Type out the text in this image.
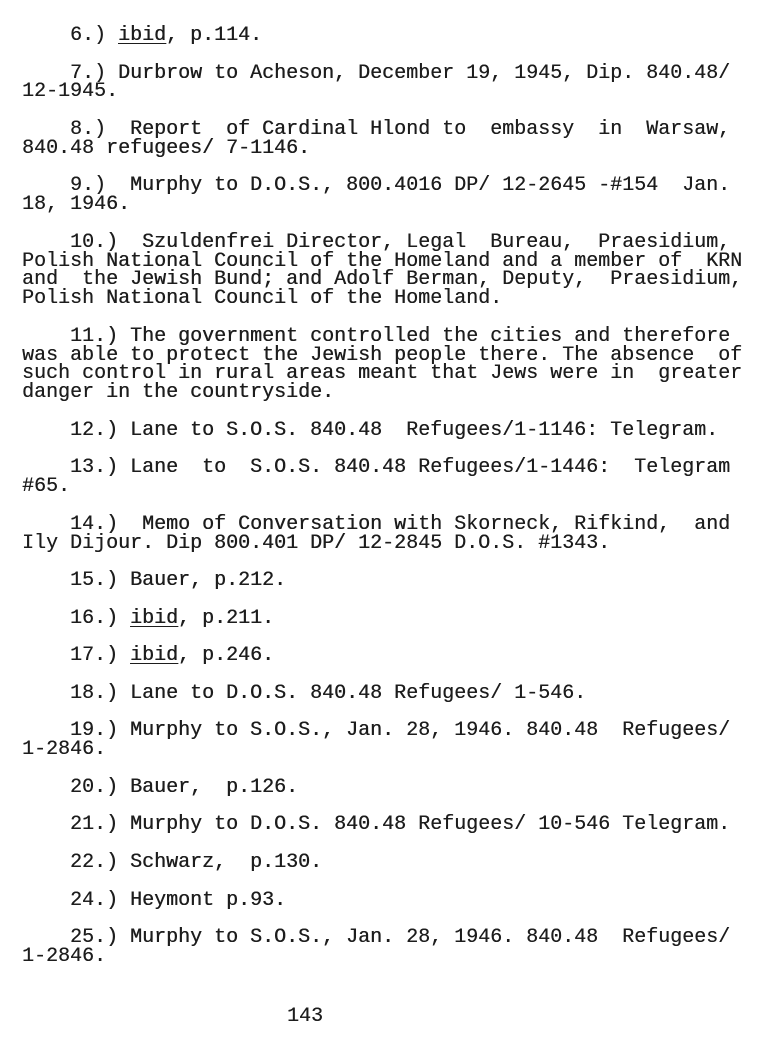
6.) ibid, p.114.
7.) Durbrow to Acheson, December 19, 1945, Dip. 840.48/
12-1945.
8.)  Report  of Cardinal Hlond to  embassy  in  Warsaw,
840.48 refugees/ 7-1146.
9.)  Murphy to D.O.S., 800.4016 DP/ 12-2645 -#154  Jan.
18, 1946.
10.)  Szuldenfrei Director, Legal  Bureau,  Praesidium,
Polish National Council of the Homeland and a member of  KRN
and  the Jewish Bund; and Adolf Berman, Deputy,  Praesidium,
Polish National Council of the Homeland.
11.) The government controlled the cities and therefore
was able to protect the Jewish people there. The absence  of
such control in rural areas meant that Jews were in  greater
danger in the countryside.
12.) Lane to S.O.S. 840.48  Refugees/1-1146: Telegram.
13.) Lane  to  S.O.S. 840.48 Refugees/1-1446:  Telegram
#65.
14.)  Memo of Conversation with Skorneck, Rifkind,  and
Ily Dijour. Dip 800.401 DP/ 12-2845 D.O.S. #1343.
15.) Bauer, p.212.
16.) ibid, p.211.
17.) ibid, p.246.
18.) Lane to D.O.S. 840.48 Refugees/ 1-546.
19.) Murphy to S.O.S., Jan. 28, 1946. 840.48  Refugees/
1-2846.
20.) Bauer,  p.126.
21.) Murphy to D.O.S. 840.48 Refugees/ 10-546 Telegram.
22.) Schwarz,  p.130.
24.) Heymont p.93.
25.) Murphy to S.O.S., Jan. 28, 1946. 840.48  Refugees/
1-2846.
143
